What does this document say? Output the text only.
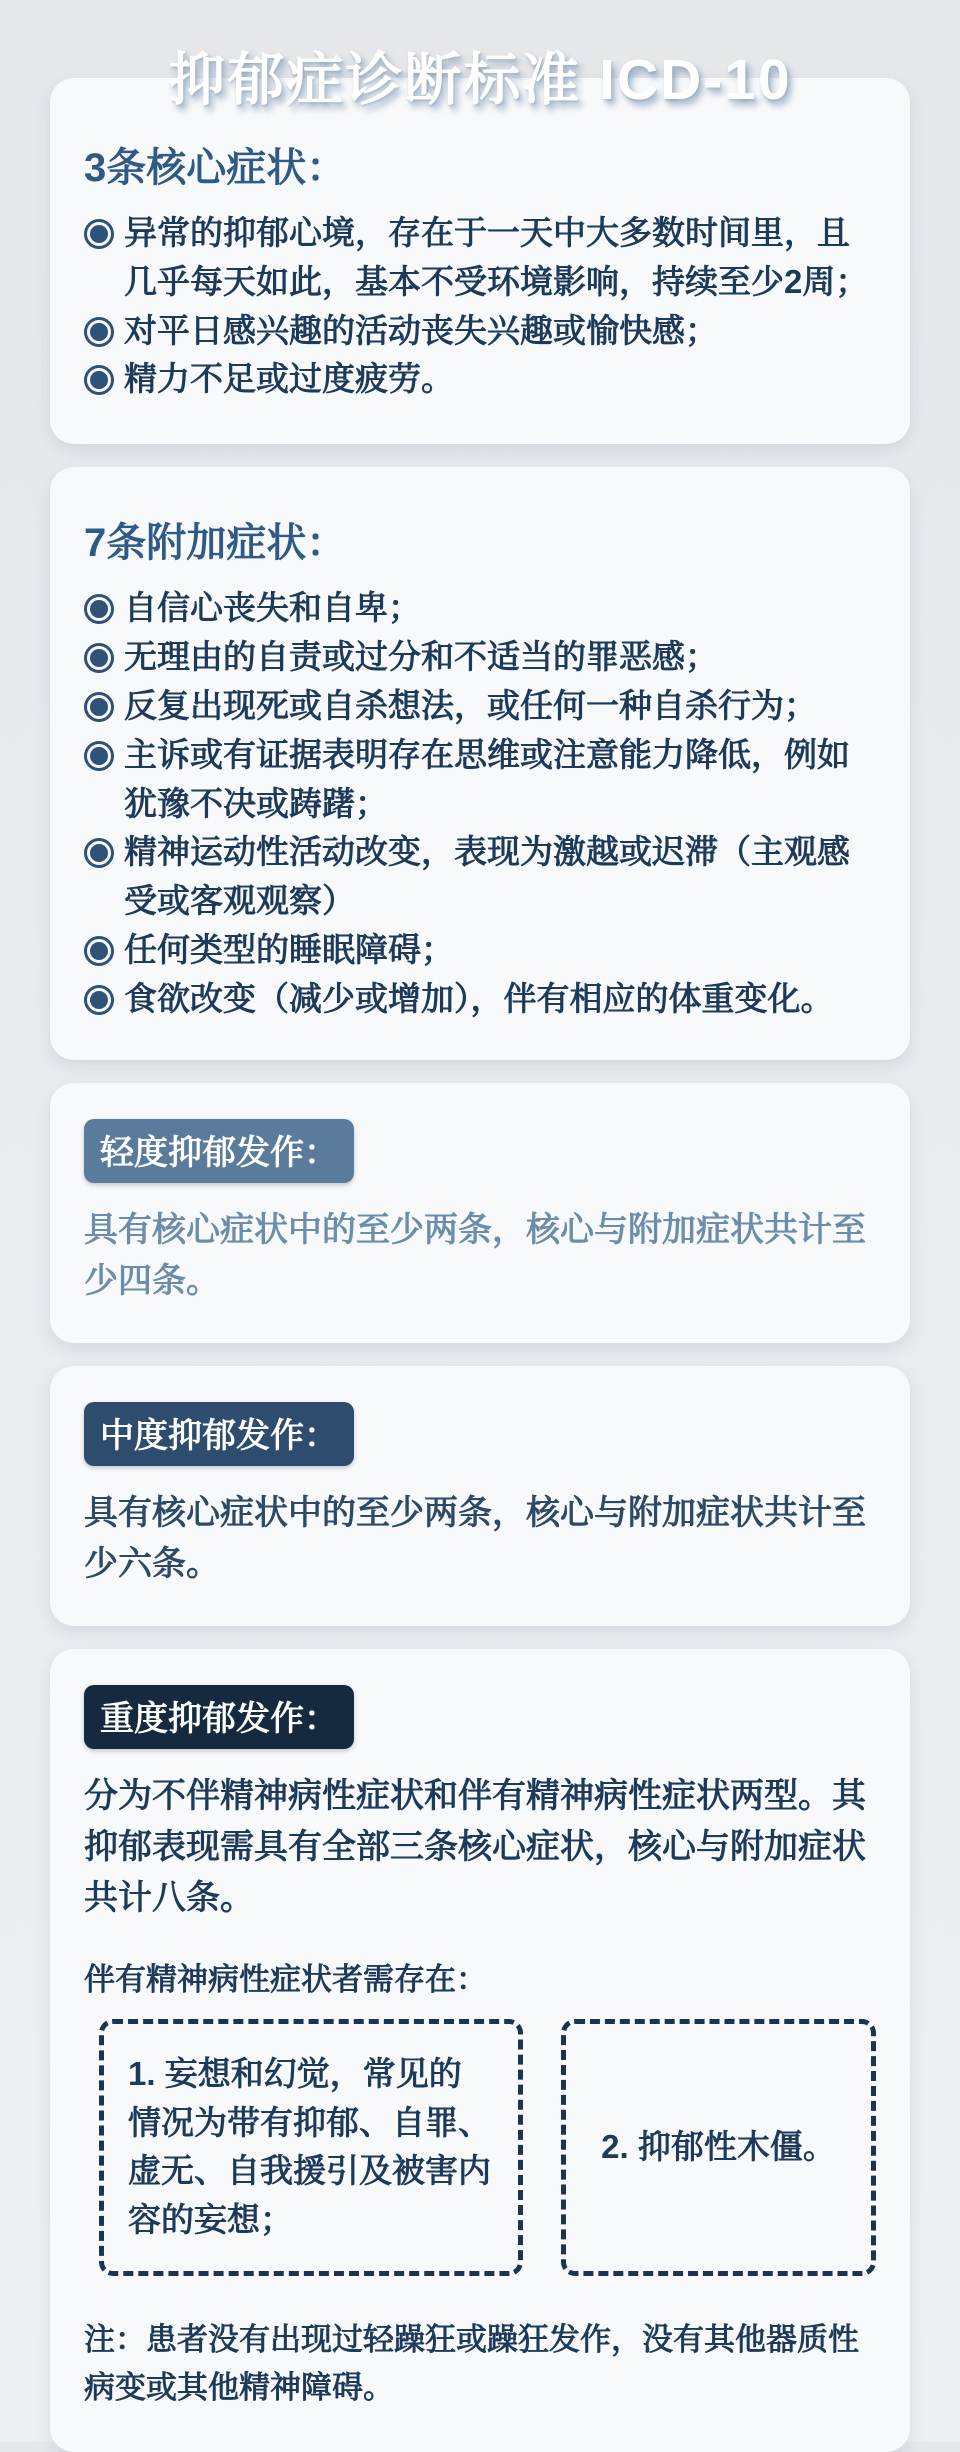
抑郁症诊断标准 ICD-10
3条核心症状：
异常的抑郁心境，存在于一天中大多数时间里，且几乎每天如此，基本不受环境影响，持续至少2周；
对平日感兴趣的活动丧失兴趣或愉快感；
精力不足或过度疲劳。
7条附加症状：
自信心丧失和自卑；
无理由的自责或过分和不适当的罪恶感；
反复出现死或自杀想法，或任何一种自杀行为；
主诉或有证据表明存在思维或注意能力降低，例如犹豫不决或踌躇；
精神运动性活动改变，表现为激越或迟滞（主观感受或客观观察）
任何类型的睡眠障碍；
食欲改变（减少或增加），伴有相应的体重变化。
轻度抑郁发作：

具有核心症状中的至少两条，核心与附加症状共计至少四条。

中度抑郁发作：

具有核心症状中的至少两条，核心与附加症状共计至少六条。

重度抑郁发作：

分为不伴精神病性症状和伴有精神病性症状两型。其抑郁表现需具有全部三条核心症状，核心与附加症状共计八条。

伴有精神病性症状者需存在：

1. 妄想和幻觉，常见的情况为带有抑郁、自罪、虚无、自我援引及被害内容的妄想；
2. 抑郁性木僵。

注：患者没有出现过轻躁狂或躁狂发作，没有其他器质性病变或其他精神障碍。
